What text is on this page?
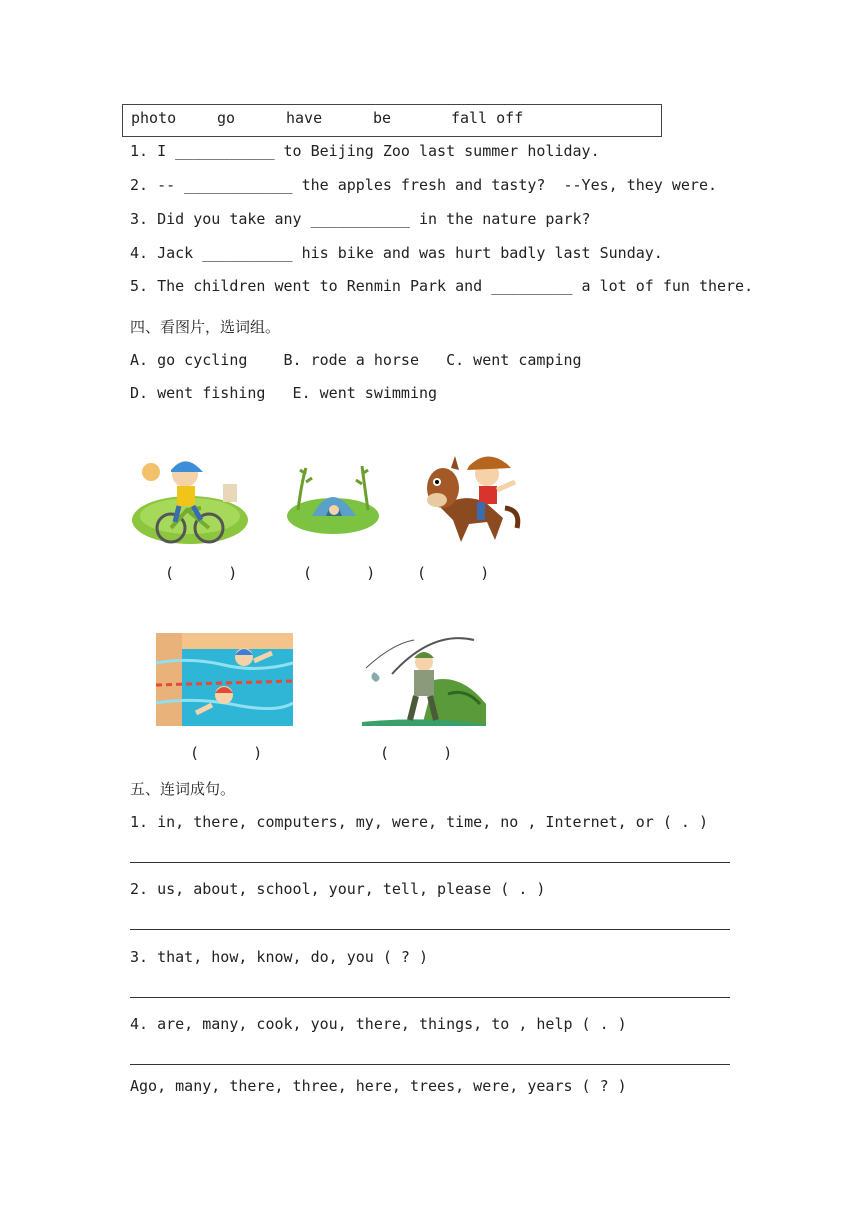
photo	go	have	be	fall off
1. I ___________ to Beijing Zoo last summer holiday.
2. -- ____________ the apples fresh and tasty?  --Yes, they were.
3. Did you take any ___________ in the nature park?
4. Jack __________ his bike and was hurt badly last Sunday.
5. The children went to Renmin Park and _________ a lot of fun there.
四、看图片，选词组。
A. go cycling    B. rode a horse   C. went camping
D. went fishing   E. went swimming
(      )	(      )	(      )
(      )	(      )
五、连词成句。
1. in, there, computers, my, were, time, no , Internet, or ( . )
2. us, about, school, your, tell, please ( . )
3. that, how, know, do, you ( ? )
4. are, many, cook, you, there, things, to , help ( . )
Ago, many, there, three, here, trees, were, years ( ? )
